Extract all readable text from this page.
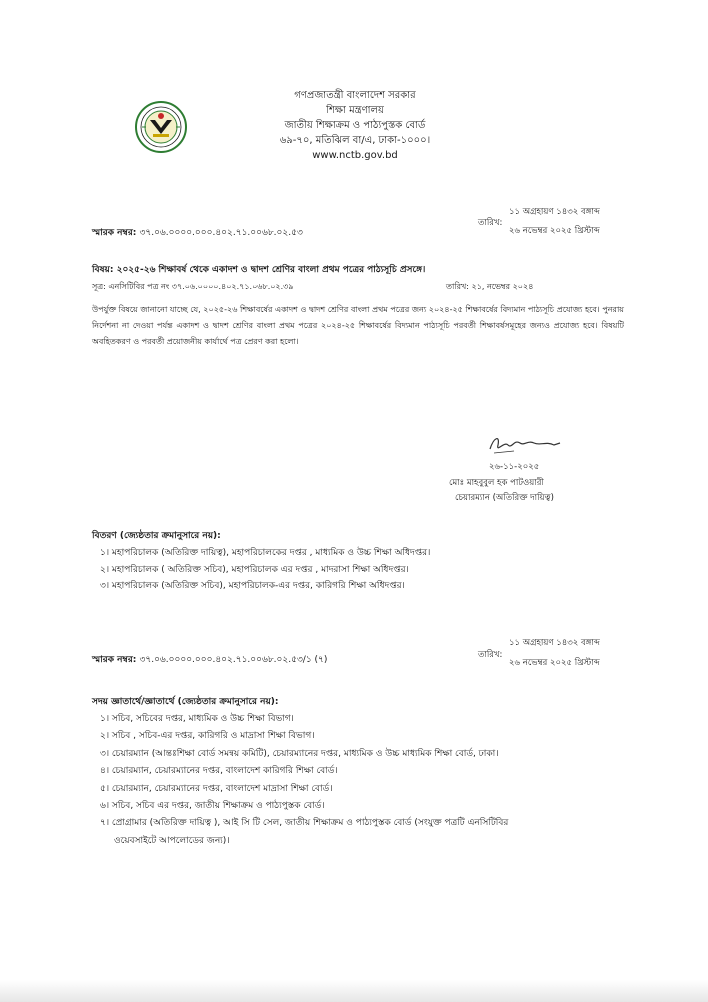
গণপ্রজাতন্ত্রী বাংলাদেশ সরকার
শিক্ষা মন্ত্রণালয়
জাতীয় শিক্ষাক্রম ও পাঠ্যপুস্তক বোর্ড
৬৯-৭০, মতিঝিল বা/এ, ঢাকা-১০০০।
www.nctb.gov.bd
স্মারক নম্বর: ৩৭.০৬.০০০০.০০০.৪০২.৭১.০০৬৮.০২.৫৩
তারিখ:
১১ অগ্রহায়ণ ১৪৩২ বঙ্গাব্দ
২৬ নভেম্বর ২০২৫ খ্রিস্টাব্দ
বিষয়: ২০২৫-২৬ শিক্ষাবর্ষ থেকে একাদশ ও দ্বাদশ শ্রেণির বাংলা প্রথম পত্রের পাঠ্যসূচি প্রসঙ্গে।
সূত্র: এনসিটিবির পত্র নং ৩৭.০৬.০০০০.৪০২.৭১.০৬৮.০২.৩৯	তারিখ: ২১, নভেম্বর ২০২৪
উপর্যুক্ত বিষয়ে জানানো যাচ্ছে যে, ২০২৫-২৬ শিক্ষাবর্ষের একাদশ ও দ্বাদশ শ্রেণির বাংলা প্রথম পত্রের জন্য ২০২৪-২৫ শিক্ষাবর্ষের বিদ্যমান পাঠ্যসূচি প্রযোজ্য হবে। পুনরায় নির্দেশনা না দেওয়া পর্যন্ত একাদশ ও দ্বাদশ শ্রেণির বাংলা প্রথম পত্রের ২০২৪-২৫ শিক্ষাবর্ষের বিদ্যমান পাঠ্যসূচি পরবর্তী শিক্ষাবর্ষসমূহের জন্যও প্রযোজ্য হবে। বিষয়টি অবহিতকরণ ও পরবর্তী প্রয়োজনীয় কার্যার্থে পত্র প্রেরণ করা হলো।
২৬-১১-২০২৫
মোঃ মাহবুবুল হক পাটওয়ারী
চেয়ারম্যান (অতিরিক্ত দায়িত্ব)
বিতরণ (জ্যেষ্ঠতার ক্রমানুসারে নয়):
১। মহাপরিচালক (অতিরিক্ত দায়িত্ব), মহাপরিচালকের দপ্তর , মাধ্যমিক ও উচ্চ শিক্ষা অধিদপ্তর।
২। মহাপরিচালক ( অতিরিক্ত সচিব), মহাপরিচালক এর দপ্তর , মাদরাসা শিক্ষা অধিদপ্তর।
৩। মহাপরিচালক (অতিরিক্ত সচিব), মহাপরিচালক-এর দপ্তর, কারিগরি শিক্ষা অধিদপ্তর।
স্মারক নম্বর: ৩৭.০৬.০০০০.০০০.৪০২.৭১.০০৬৮.০২.৫৩/১ (৭)	তারিখ:
১১ অগ্রহায়ণ ১৪৩২ বঙ্গাব্দ
২৬ নভেম্বর ২০২৫ খ্রিস্টাব্দ
সদয় জ্ঞাতার্থে/জ্ঞাতার্থে (জ্যেষ্ঠতার ক্রমানুসারে নয়):
১। সচিব, সচিবের দপ্তর, মাধ্যমিক ও উচ্চ শিক্ষা বিভাগ।
২। সচিব , সচিব-এর দপ্তর, কারিগরি ও মাদ্রাসা শিক্ষা বিভাগ।
৩। চেয়ারম্যান (আন্তঃশিক্ষা বোর্ড সমন্বয় কমিটি), চেয়ারম্যানের দপ্তর, মাধ্যমিক ও উচ্চ মাধ্যমিক শিক্ষা বোর্ড, ঢাকা।
৪। চেয়ারম্যান, চেয়ারম্যানের দপ্তর, বাংলাদেশ কারিগরি শিক্ষা বোর্ড।
৫। চেয়ারম্যান, চেয়ারম্যানের দপ্তর, বাংলাদেশ মাদ্রাসা শিক্ষা বোর্ড।
৬। সচিব, সচিব এর দপ্তর, জাতীয় শিক্ষাক্রম ও পাঠ্যপুস্তক বোর্ড।
৭। প্রোগ্রামার (অতিরিক্ত দায়িত্ব ), আই সি টি সেল, জাতীয় শিক্ষাক্রম ও পাঠ্যপুস্তক বোর্ড (সংযুক্ত পত্রটি এনসিটিবির
ওয়েবসাইটে আপলোডের জন্য)।
